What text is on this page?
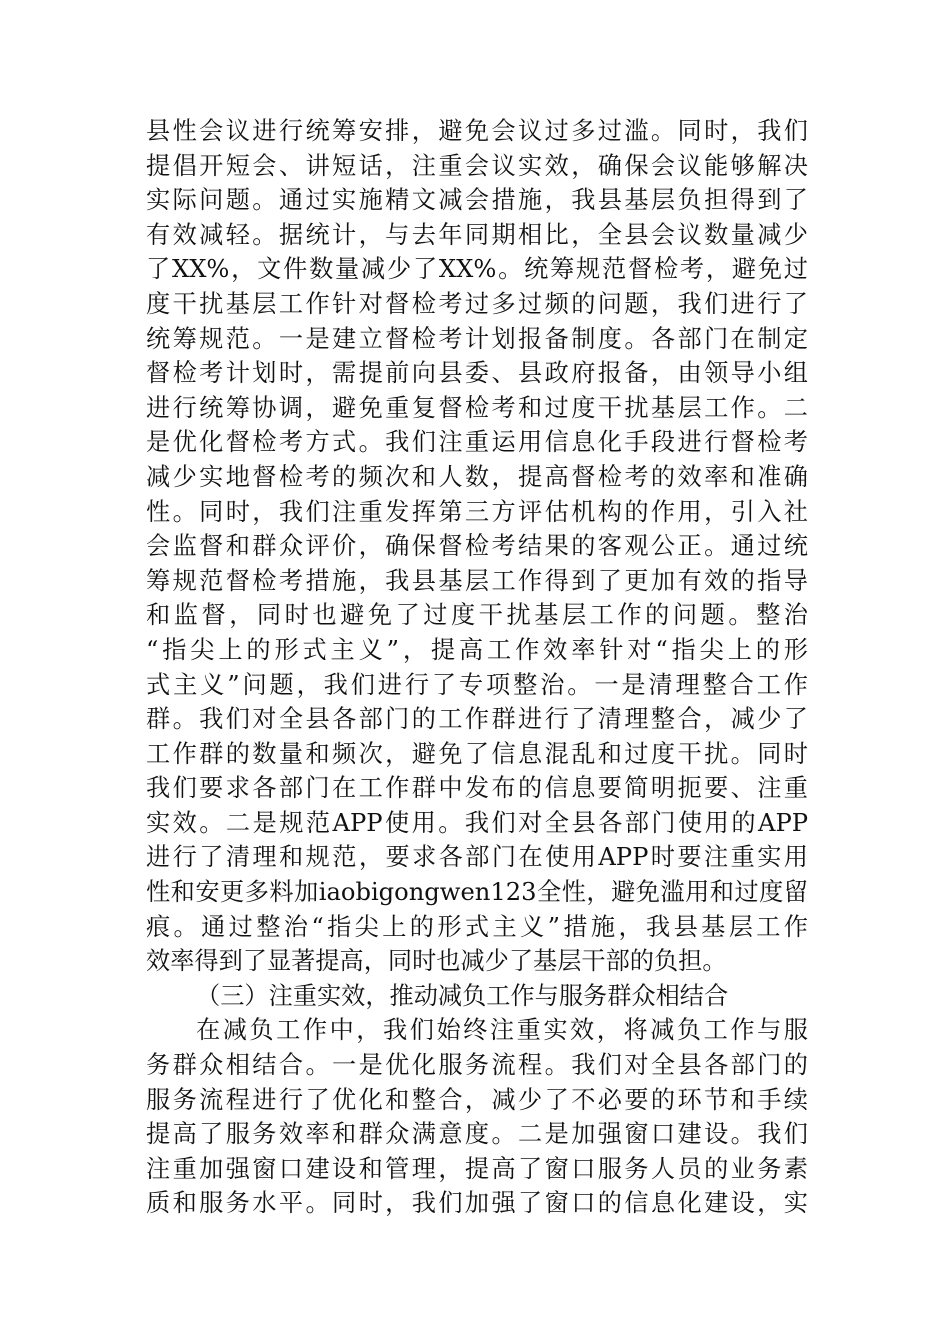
县性会议进行统筹安排，避免会议过多过滥。同时，我们
提倡开短会、讲短话，注重会议实效，确保会议能够解决
实际问题。通过实施精文减会措施，我县基层负担得到了
有效减轻。据统计，与去年同期相比，全县会议数量减少
了XX%，文件数量减少了XX%。统筹规范督检考，避免过
度干扰基层工作针对督检考过多过频的问题，我们进行了
统筹规范。一是建立督检考计划报备制度。各部门在制定
督检考计划时，需提前向县委、县政府报备，由领导小组
进行统筹协调，避免重复督检考和过度干扰基层工作。二
是优化督检考方式。我们注重运用信息化手段进行督检考
减少实地督检考的频次和人数，提高督检考的效率和准确
性。同时，我们注重发挥第三方评估机构的作用，引入社
会监督和群众评价，确保督检考结果的客观公正。通过统
筹规范督检考措施，我县基层工作得到了更加有效的指导
和监督，同时也避免了过度干扰基层工作的问题。整治
“指尖上的形式主义”，提高工作效率针对“指尖上的形
式主义”问题，我们进行了专项整治。一是清理整合工作
群。我们对全县各部门的工作群进行了清理整合，减少了
工作群的数量和频次，避免了信息混乱和过度干扰。同时
我们要求各部门在工作群中发布的信息要简明扼要、注重
实效。二是规范APP使用。我们对全县各部门使用的APP
进行了清理和规范，要求各部门在使用APP时要注重实用
性和安更多料加iaobigongwen123全性，避免滥用和过度留
痕。通过整治“指尖上的形式主义”措施，我县基层工作
效率得到了显著提高，同时也减少了基层干部的负担。
（三）注重实效，推动减负工作与服务群众相结合
在减负工作中，我们始终注重实效，将减负工作与服
务群众相结合。一是优化服务流程。我们对全县各部门的
服务流程进行了优化和整合，减少了不必要的环节和手续
提高了服务效率和群众满意度。二是加强窗口建设。我们
注重加强窗口建设和管理，提高了窗口服务人员的业务素
质和服务水平。同时，我们加强了窗口的信息化建设，实
